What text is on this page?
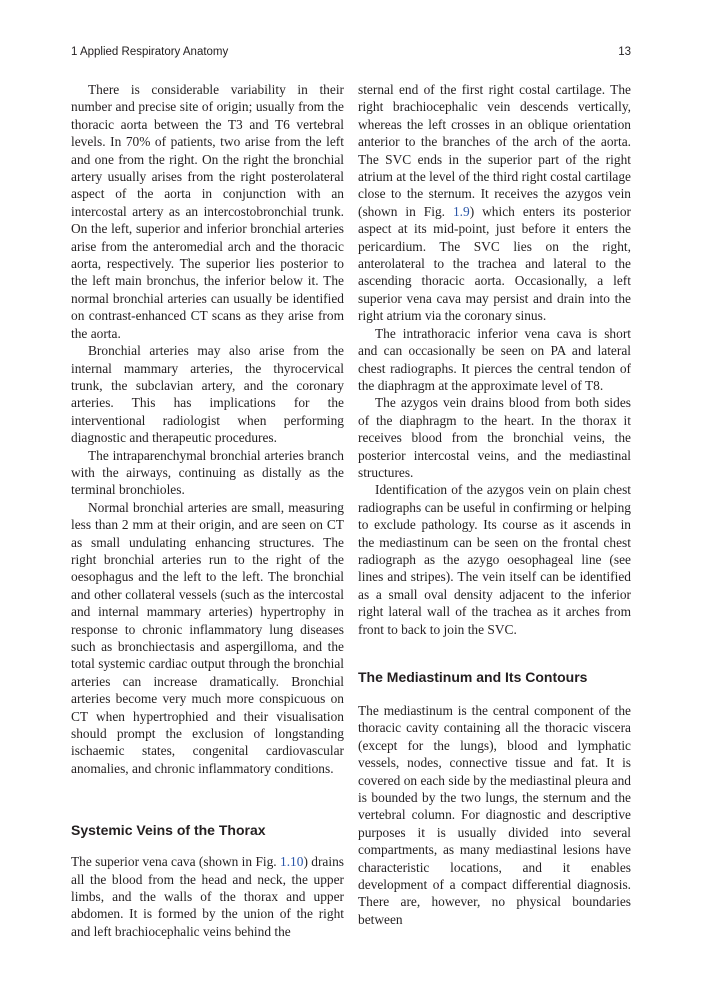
1 Applied Respiratory Anatomy	13

There is considerable variability in their number and precise site of origin; usually from the thoracic aorta between the T3 and T6 vertebral levels. In 70% of patients, two arise from the left and one from the right. On the right the bronchial artery usually arises from the right posterolateral aspect of the aorta in conjunction with an intercostal artery as an intercostobronchial trunk. On the left, superior and inferior bronchial arteries arise from the anteromedial arch and the thoracic aorta, respectively. The superior lies posterior to the left main bronchus, the inferior below it. The normal bronchial arteries can usually be identified on contrast-enhanced CT scans as they arise from the aorta.

Bronchial arteries may also arise from the internal mammary arteries, the thyrocervical trunk, the subclavian artery, and the coronary arteries. This has implications for the interventional radiologist when performing diagnostic and therapeutic procedures.

The intraparenchymal bronchial arteries branch with the airways, continuing as distally as the terminal bronchioles.

Normal bronchial arteries are small, measuring less than 2 mm at their origin, and are seen on CT as small undulating enhancing structures. The right bronchial arteries run to the right of the oesophagus and the left to the left. The bronchial and other collateral vessels (such as the intercostal and internal mammary arteries) hypertrophy in response to chronic inflammatory lung diseases such as bronchiectasis and aspergilloma, and the total systemic cardiac output through the bronchial arteries can increase dramatically. Bronchial arteries become very much more conspicuous on CT when hypertrophied and their visualisation should prompt the exclusion of longstanding ischaemic states, congenital cardiovascular anomalies, and chronic inflammatory conditions.

Systemic Veins of the Thorax

The superior vena cava (shown in Fig. 1.10) drains all the blood from the head and neck, the upper limbs, and the walls of the thorax and upper abdomen. It is formed by the union of the right and left brachiocephalic veins behind the

sternal end of the first right costal cartilage. The right brachiocephalic vein descends vertically, whereas the left crosses in an oblique orientation anterior to the branches of the arch of the aorta. The SVC ends in the superior part of the right atrium at the level of the third right costal cartilage close to the sternum. It receives the azygos vein (shown in Fig. 1.9) which enters its posterior aspect at its mid-point, just before it enters the pericardium. The SVC lies on the right, anterolateral to the trachea and lateral to the ascending thoracic aorta. Occasionally, a left superior vena cava may persist and drain into the right atrium via the coronary sinus.

The intrathoracic inferior vena cava is short and can occasionally be seen on PA and lateral chest radiographs. It pierces the central tendon of the diaphragm at the approximate level of T8.

The azygos vein drains blood from both sides of the diaphragm to the heart. In the thorax it receives blood from the bronchial veins, the posterior intercostal veins, and the mediastinal structures.

Identification of the azygos vein on plain chest radiographs can be useful in confirming or helping to exclude pathology. Its course as it ascends in the mediastinum can be seen on the frontal chest radiograph as the azygo oesophageal line (see lines and stripes). The vein itself can be identified as a small oval density adjacent to the inferior right lateral wall of the trachea as it arches from front to back to join the SVC.

The Mediastinum and Its Contours

The mediastinum is the central component of the thoracic cavity containing all the thoracic viscera (except for the lungs), blood and lymphatic vessels, nodes, connective tissue and fat. It is covered on each side by the mediastinal pleura and is bounded by the two lungs, the sternum and the vertebral column. For diagnostic and descriptive purposes it is usually divided into several compartments, as many mediastinal lesions have characteristic locations, and it enables development of a compact differential diagnosis. There are, however, no physical boundaries between
